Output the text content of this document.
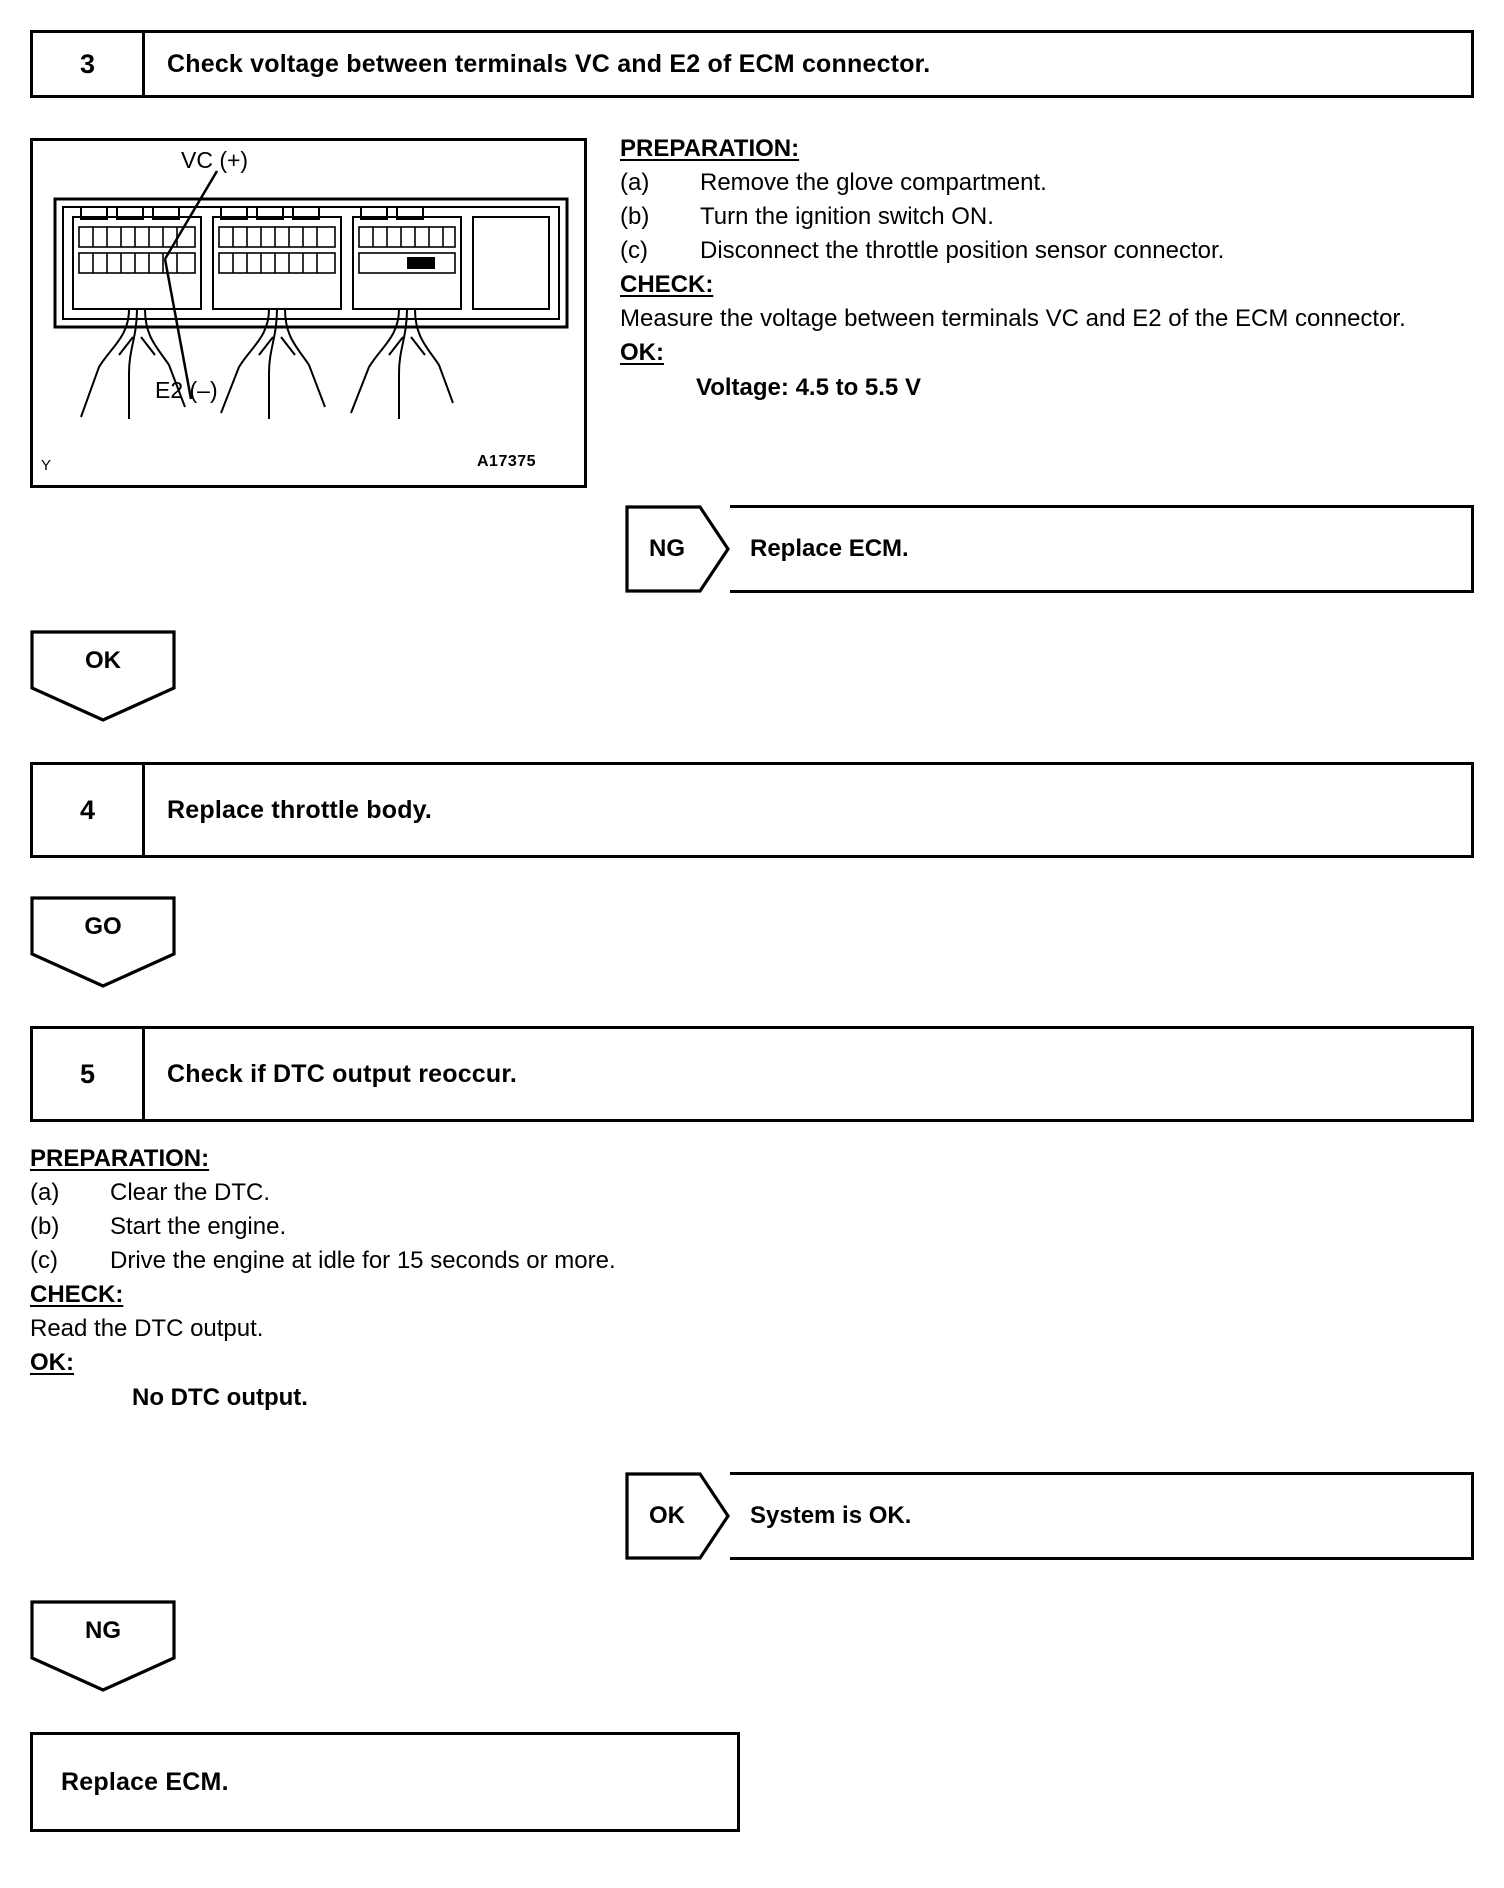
3	Check voltage between terminals VC and E2 of ECM connector.
VC (+)
E2 (–)
A17375
Y
PREPARATION:
(a)	Remove the glove compartment.
(b)	Turn the ignition switch ON.
(c)	Disconnect the throttle position sensor connector.
CHECK:
Measure the voltage between terminals VC and E2 of the ECM connector.
OK:
Voltage: 4.5 to 5.5 V
NG	Replace ECM.
OK
4	Replace throttle body.
GO
5	Check if DTC output reoccur.
PREPARATION:
(a)	Clear the DTC.
(b)	Start the engine.
(c)	Drive the engine at idle for 15 seconds or more.
CHECK:
Read the DTC output.
OK:
No DTC output.
OK	System is OK.
NG
Replace ECM.
